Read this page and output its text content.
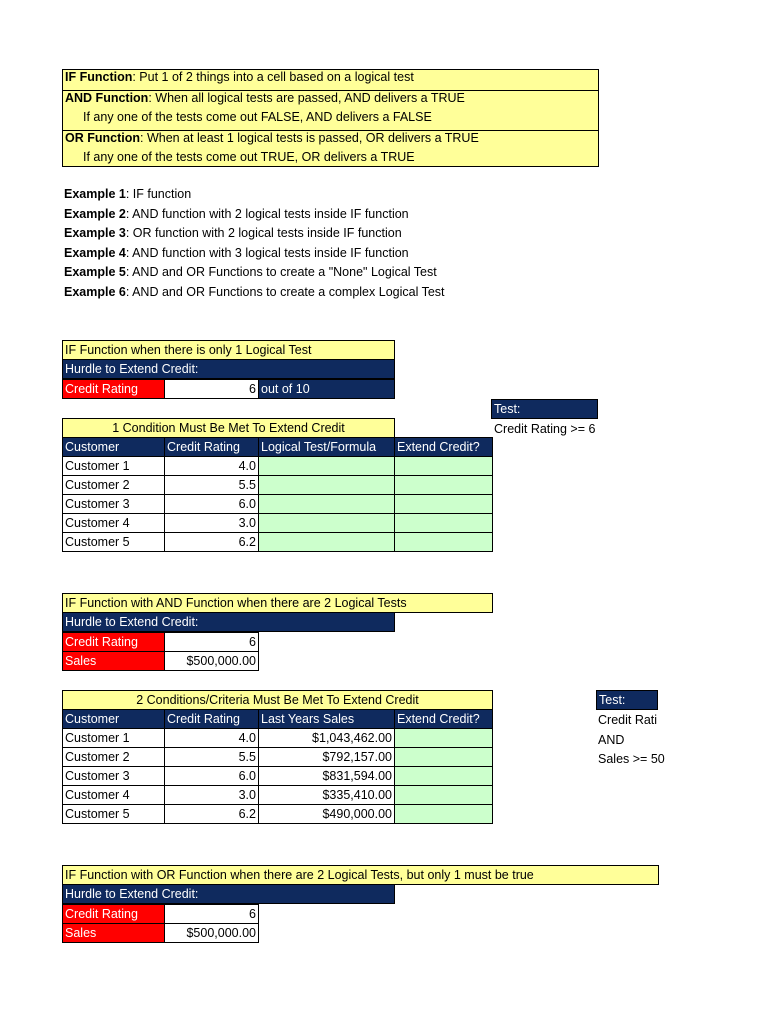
IF Function: Put 1 of 2 things into a cell based on a logical test
AND Function: When all logical tests are passed, AND delivers a TRUE
If any one of the tests come out FALSE, AND delivers a FALSE
OR Function: When at least 1 logical tests is passed, OR delivers a TRUE
If any one of the tests come out TRUE, OR delivers a TRUE
Example 1: IF function
Example 2: AND function with 2 logical tests inside IF function
Example 3: OR function with 2 logical tests inside IF function
Example 4: AND function with 3 logical tests inside IF function
Example 5: AND and OR Functions to create a "None" Logical Test
Example 6: AND and OR Functions to create a complex Logical Test
IF Function when there is only 1 Logical Test
Hurdle to Extend Credit:
Credit Rating	6 out of 10
1 Condition Must Be Met To Extend Credit
Customer	Credit Rating	Logical Test/Formula	Extend Credit?
Customer 1	4.0		
Customer 2	5.5		
Customer 3	6.0		
Customer 4	3.0		
Customer 5	6.2		
Test:
Credit Rating >= 6
IF Function with AND Function when there are 2 Logical Tests
Hurdle to Extend Credit:
Credit Rating	6
Sales	$500,000.00
2 Conditions/Criteria Must Be Met To Extend Credit
Customer	Credit Rating	Last Years Sales	Extend Credit?
Customer 1	4.0	$1,043,462.00	
Customer 2	5.5	$792,157.00	
Customer 3	6.0	$831,594.00	
Customer 4	3.0	$335,410.00	
Customer 5	6.2	$490,000.00	
Test:
Credit Rati
AND
Sales >= 50
IF Function with OR Function when there are 2 Logical Tests, but only 1 must be true
Hurdle to Extend Credit:
Credit Rating	6
Sales	$500,000.00
